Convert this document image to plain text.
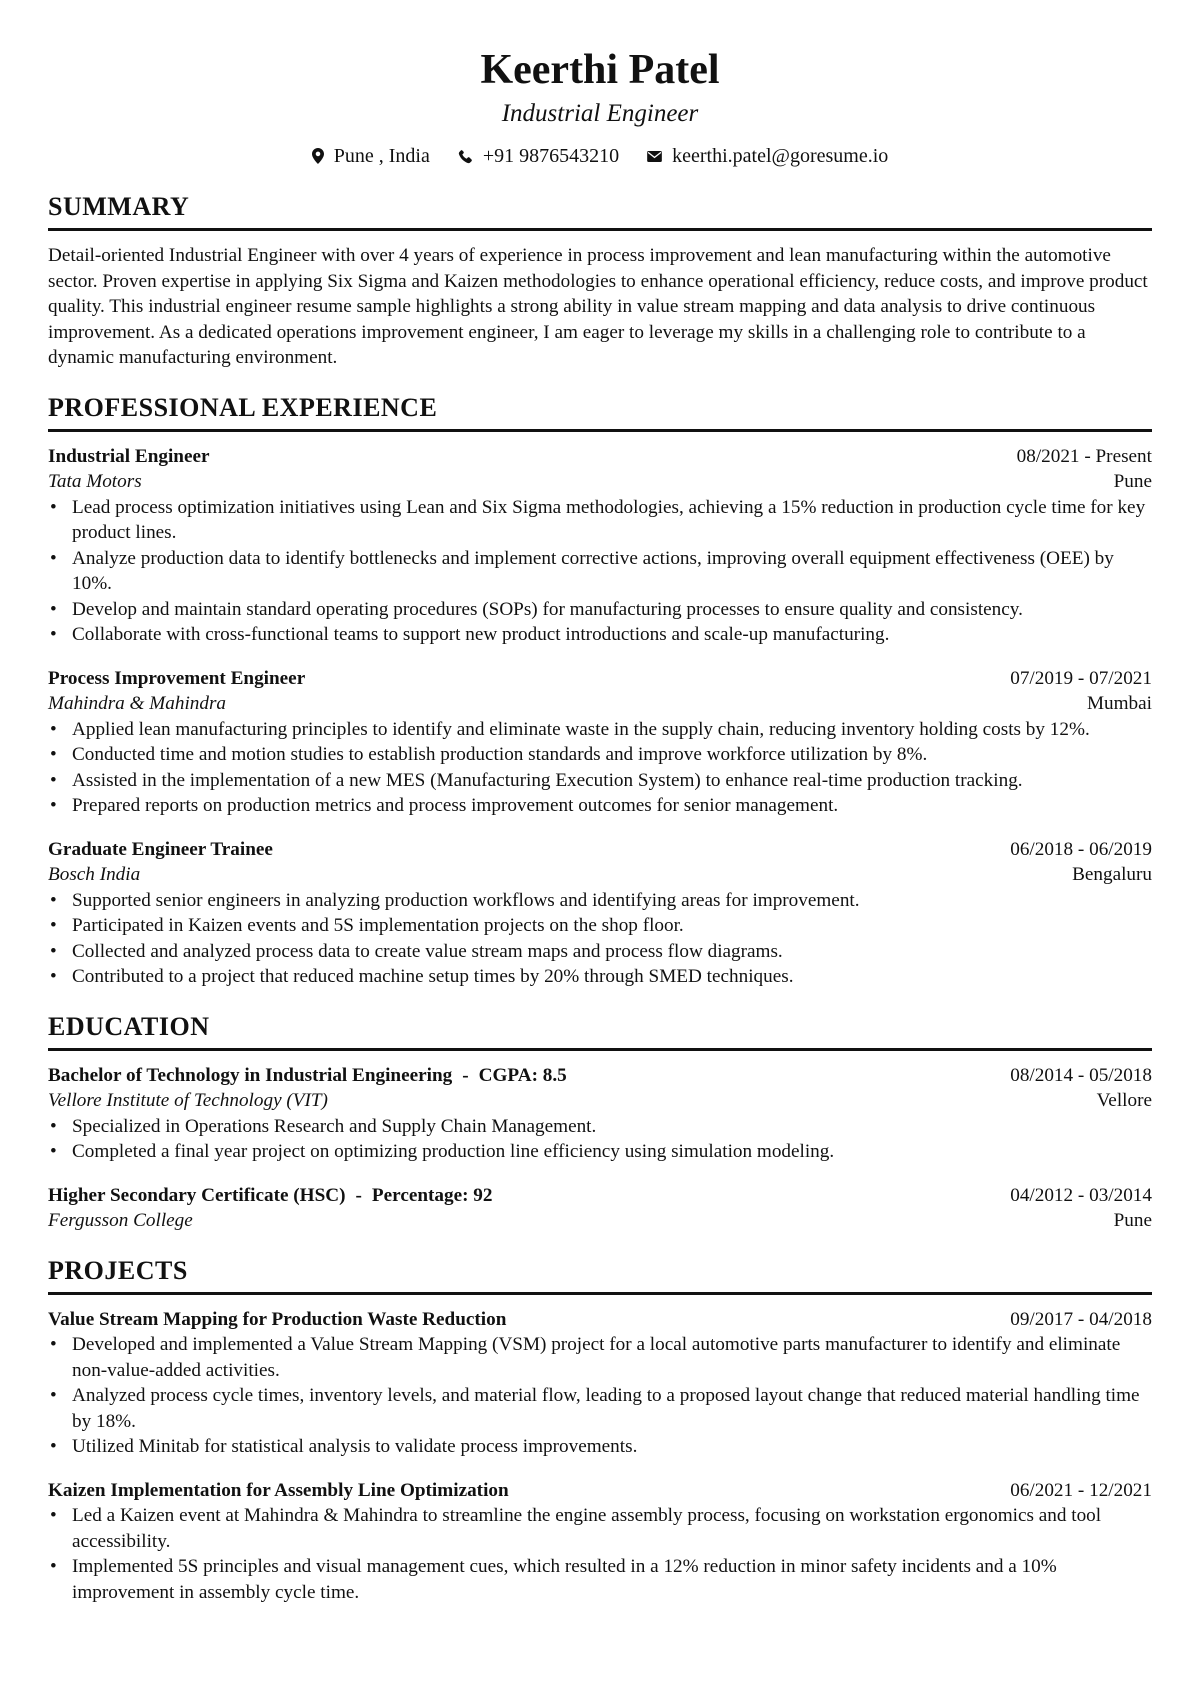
Keerthi Patel
Industrial Engineer
Pune , India	+91 9876543210	keerthi.patel@goresume.io
SUMMARY

Detail-oriented Industrial Engineer with over 4 years of experience in process improvement and lean manufacturing within the automotive sector. Proven expertise in applying Six Sigma and Kaizen methodologies to enhance operational efficiency, reduce costs, and improve product quality. This industrial engineer resume sample highlights a strong ability in value stream mapping and data analysis to drive continuous improvement. As a dedicated operations improvement engineer, I am eager to leverage my skills in a challenging role to contribute to a dynamic manufacturing environment.

PROFESSIONAL EXPERIENCE
Industrial Engineer	08/2021 - Present
Tata Motors	Pune
• Lead process optimization initiatives using Lean and Six Sigma methodologies, achieving a 15% reduction in production cycle time for key product lines.
• Analyze production data to identify bottlenecks and implement corrective actions, improving overall equipment effectiveness (OEE) by 10%.
• Develop and maintain standard operating procedures (SOPs) for manufacturing processes to ensure quality and consistency.
• Collaborate with cross-functional teams to support new product introductions and scale-up manufacturing.
Process Improvement Engineer	07/2019 - 07/2021
Mahindra & Mahindra	Mumbai
• Applied lean manufacturing principles to identify and eliminate waste in the supply chain, reducing inventory holding costs by 12%.
• Conducted time and motion studies to establish production standards and improve workforce utilization by 8%.
• Assisted in the implementation of a new MES (Manufacturing Execution System) to enhance real-time production tracking.
• Prepared reports on production metrics and process improvement outcomes for senior management.
Graduate Engineer Trainee	06/2018 - 06/2019
Bosch India	Bengaluru
• Supported senior engineers in analyzing production workflows and identifying areas for improvement.
• Participated in Kaizen events and 5S implementation projects on the shop floor.
• Collected and analyzed process data to create value stream maps and process flow diagrams.
• Contributed to a project that reduced machine setup times by 20% through SMED techniques.
EDUCATION
Bachelor of Technology in Industrial Engineering - CGPA: 8.5	08/2014 - 05/2018
Vellore Institute of Technology (VIT)	Vellore
• Specialized in Operations Research and Supply Chain Management.
• Completed a final year project on optimizing production line efficiency using simulation modeling.
Higher Secondary Certificate (HSC) - Percentage: 92	04/2012 - 03/2014
Fergusson College	Pune
PROJECTS
Value Stream Mapping for Production Waste Reduction	09/2017 - 04/2018
• Developed and implemented a Value Stream Mapping (VSM) project for a local automotive parts manufacturer to identify and eliminate non-value-added activities.
• Analyzed process cycle times, inventory levels, and material flow, leading to a proposed layout change that reduced material handling time by 18%.
• Utilized Minitab for statistical analysis to validate process improvements.
Kaizen Implementation for Assembly Line Optimization	06/2021 - 12/2021
• Led a Kaizen event at Mahindra & Mahindra to streamline the engine assembly process, focusing on workstation ergonomics and tool accessibility.
• Implemented 5S principles and visual management cues, which resulted in a 12% reduction in minor safety incidents and a 10% improvement in assembly cycle time.
